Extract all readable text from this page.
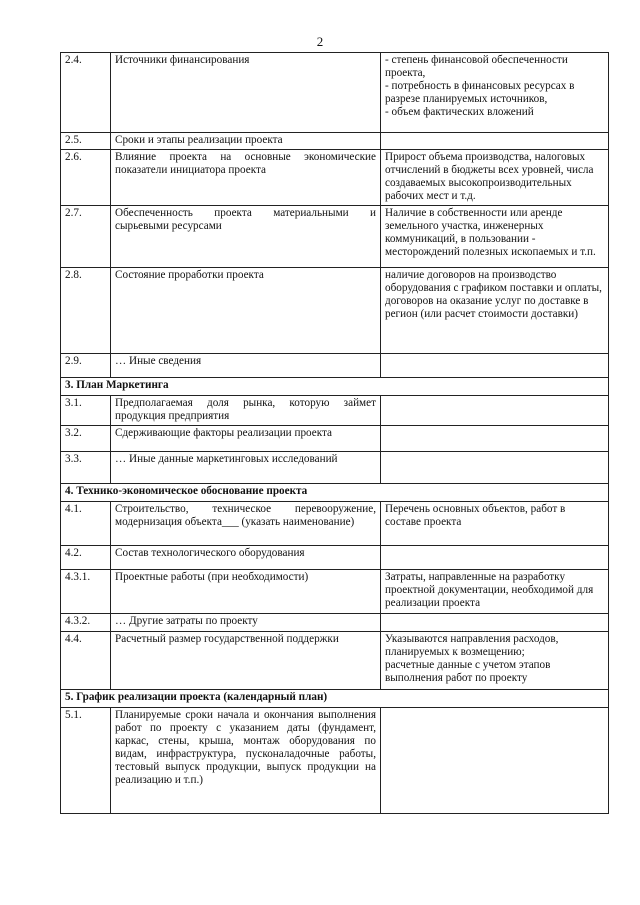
2
2.4.	Источники финансирования	- степень финансовой обеспеченности проекта,
- потребность в финансовых ресурсах в разрезе планируемых источников,
- объем фактических вложений
2.5.	Сроки и этапы реализации проекта	
2.6.	Влияние проекта на основные экономические показатели инициатора проекта	Прирост объема производства, налоговых отчислений в бюджеты всех уровней, числа создаваемых высокопроизводительных рабочих мест и т.д.
2.7.	Обеспеченность проекта материальными и сырьевыми ресурсами	Наличие в собственности или аренде земельного участка, инженерных коммуникаций, в пользовании - месторождений полезных ископаемых и т.п.
2.8.	Состояние проработки проекта	наличие договоров на производство оборудования с графиком поставки и оплаты,
договоров на оказание услуг по доставке в регион (или расчет стоимости доставки)
2.9.	… Иные сведения	
3. План Маркетинга		
3.1.	Предполагаемая доля рынка, которую займет продукция предприятия	
3.2.	Сдерживающие факторы реализации проекта	
3.3.	… Иные данные маркетинговых исследований	
4. Технико-экономическое обоснование проекта		
4.1.	Строительство, техническое перевооружение, модернизация объекта___ (указать наименование)	Перечень основных объектов, работ в составе проекта
4.2.	Состав технологического оборудования	
4.3.1.	Проектные работы (при необходимости)	Затраты, направленные на разработку проектной документации, необходимой для реализации проекта
4.3.2.	… Другие затраты по проекту	
4.4.	Расчетный размер государственной поддержки	Указываются направления расходов, планируемых к возмещению;
расчетные данные с учетом этапов выполнения работ по проекту
5. График реализации проекта (календарный план)		
5.1.	Планируемые сроки начала и окончания выполнения работ по проекту с указанием даты (фундамент, каркас, стены, крыша, монтаж оборудования по видам, инфраструктура, пусконаладочные работы, тестовый выпуск продукции, выпуск продукции на реализацию и т.п.)	
